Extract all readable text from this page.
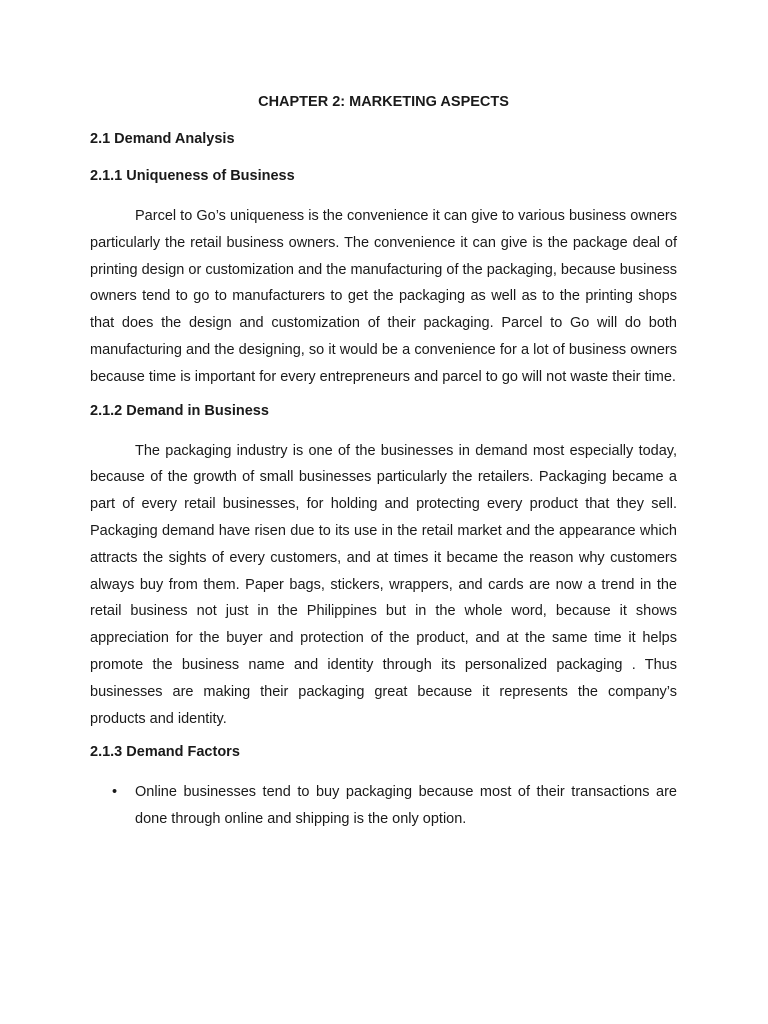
CHAPTER 2: MARKETING ASPECTS
2.1 Demand Analysis
2.1.1 Uniqueness of Business

Parcel to Go’s uniqueness is the convenience it can give to various business owners particularly the retail business owners. The convenience it can give is the package deal of printing design or customization and the manufacturing of the packaging, because business owners tend to go to manufacturers to get the packaging as well as to the printing shops that does the design and customization of their packaging. Parcel to Go will do both manufacturing and the designing, so it would be a convenience for a lot of business owners because time is important for every entrepreneurs and parcel to go will not waste their time.

2.1.2 Demand in Business

The packaging industry is one of the businesses in demand most especially today, because of the growth of small businesses particularly the retailers. Packaging became a part of every retail businesses, for holding and protecting every product that they sell. Packaging demand have risen due to its use in the retail market and the appearance which attracts the sights of every customers, and at times it became the reason why customers always buy from them. Paper bags, stickers, wrappers, and cards are now a trend in the retail business not just in the Philippines but in the whole word, because it shows appreciation for the buyer and protection of the product, and at the same time it helps promote the business name and identity through its personalized packaging . Thus businesses are making their packaging great because it represents the company’s products and identity.

2.1.3 Demand Factors
• Online businesses tend to buy packaging because most of their transactions are done through online and shipping is the only option.
